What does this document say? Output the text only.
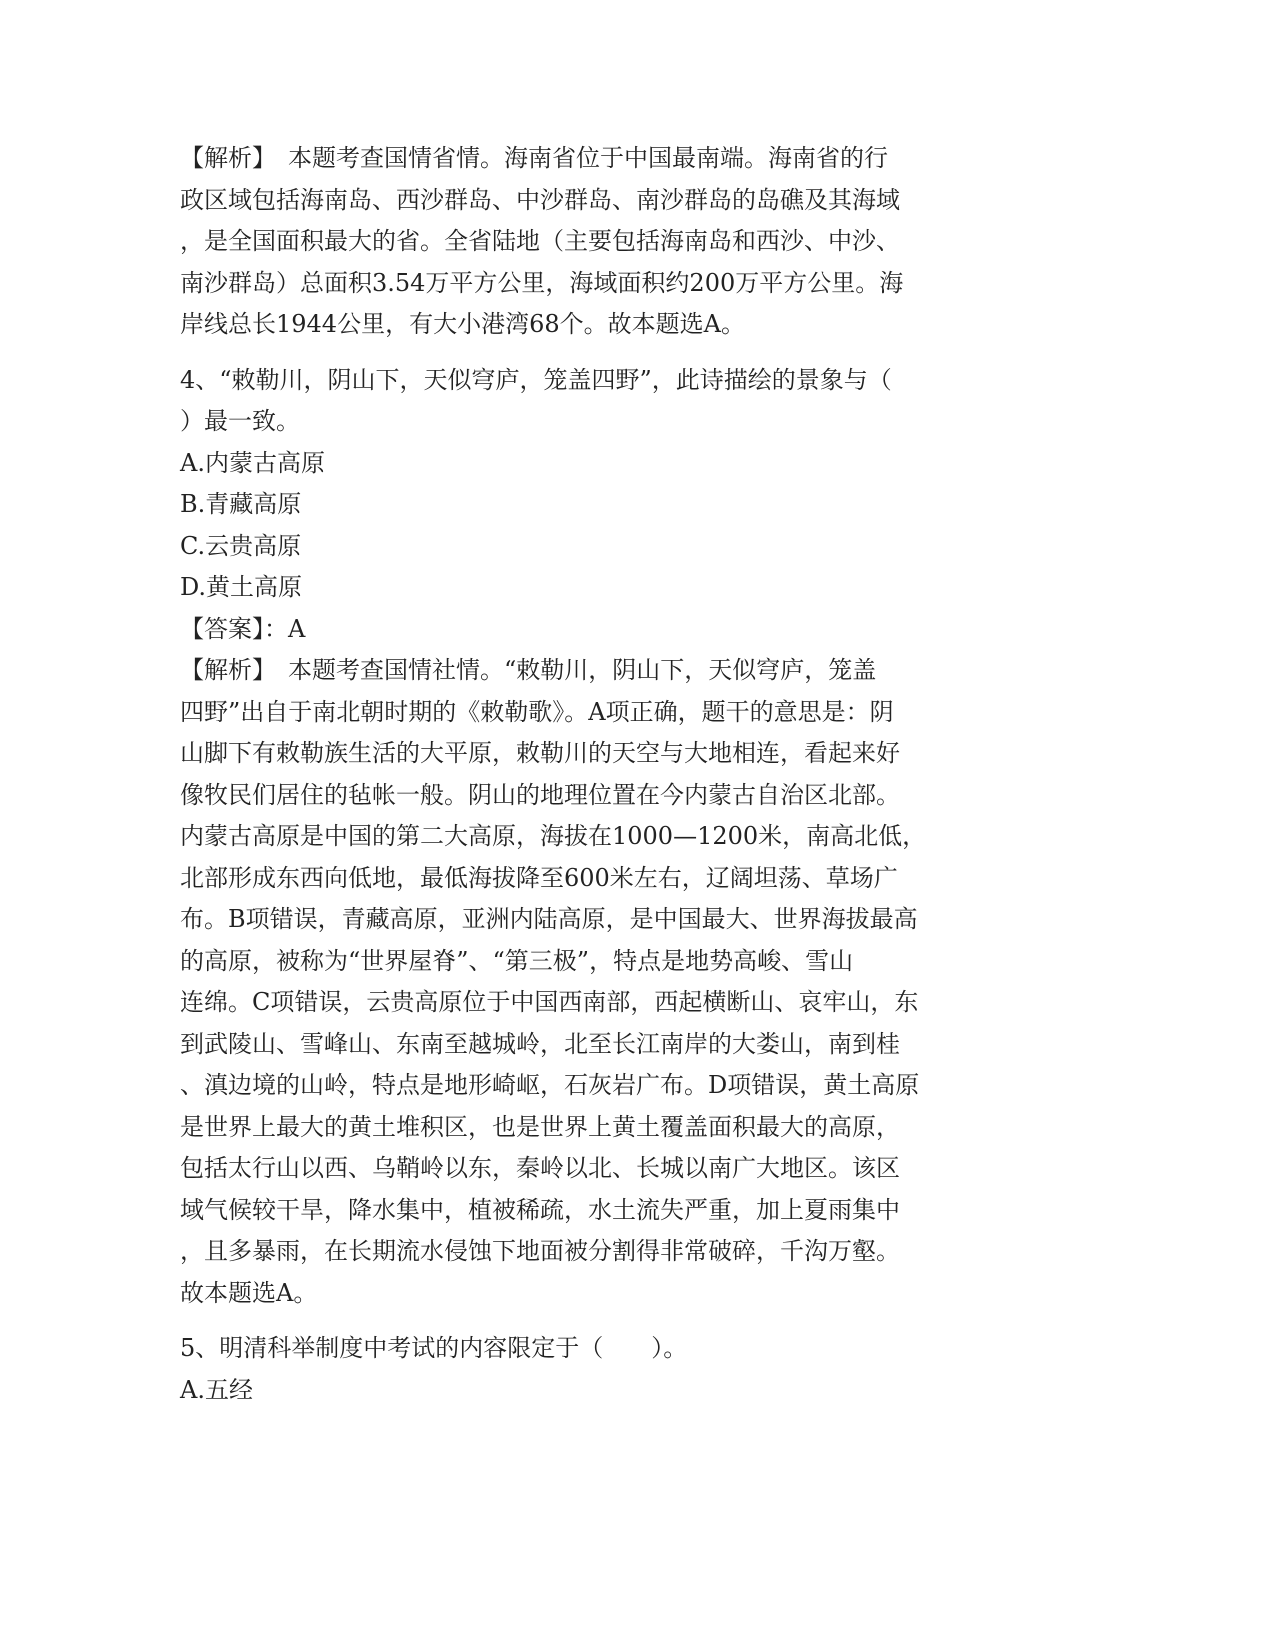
【解析】　本题考查国情省情。海南省位于中国最南端。海南省的行
政区域包括海南岛、西沙群岛、中沙群岛、南沙群岛的岛礁及其海域
，是全国面积最大的省。全省陆地（主要包括海南岛和西沙、中沙、
南沙群岛）总面积3.54万平方公里，海域面积约200万平方公里。海
岸线总长1944公里，有大小港湾68个。故本题选A。
4、“敕勒川，阴山下，天似穹庐，笼盖四野”，此诗描绘的景象与（
）最一致。
A.内蒙古高原
B.青藏高原
C.云贵高原
D.黄土高原
【答案】：A
【解析】　本题考查国情社情。“敕勒川，阴山下，天似穹庐，笼盖
四野”出自于南北朝时期的《敕勒歌》。A项正确，题干的意思是：阴
山脚下有敕勒族生活的大平原，敕勒川的天空与大地相连，看起来好
像牧民们居住的毡帐一般。阴山的地理位置在今内蒙古自治区北部。
内蒙古高原是中国的第二大高原，海拔在1000—1200米，南高北低，
北部形成东西向低地，最低海拔降至600米左右，辽阔坦荡、草场广
布。B项错误，青藏高原，亚洲内陆高原，是中国最大、世界海拔最高
的高原，被称为“世界屋脊”、“第三极”，特点是地势高峻、雪山
连绵。C项错误，云贵高原位于中国西南部，西起横断山、哀牢山，东
到武陵山、雪峰山、东南至越城岭，北至长江南岸的大娄山，南到桂
、滇边境的山岭，特点是地形崎岖，石灰岩广布。D项错误，黄土高原
是世界上最大的黄土堆积区，也是世界上黄土覆盖面积最大的高原，
包括太行山以西、乌鞘岭以东，秦岭以北、长城以南广大地区。该区
域气候较干旱，降水集中，植被稀疏，水土流失严重，加上夏雨集中
，且多暴雨，在长期流水侵蚀下地面被分割得非常破碎，千沟万壑。
故本题选A。
5、明清科举制度中考试的内容限定于（　　）。
A.五经
